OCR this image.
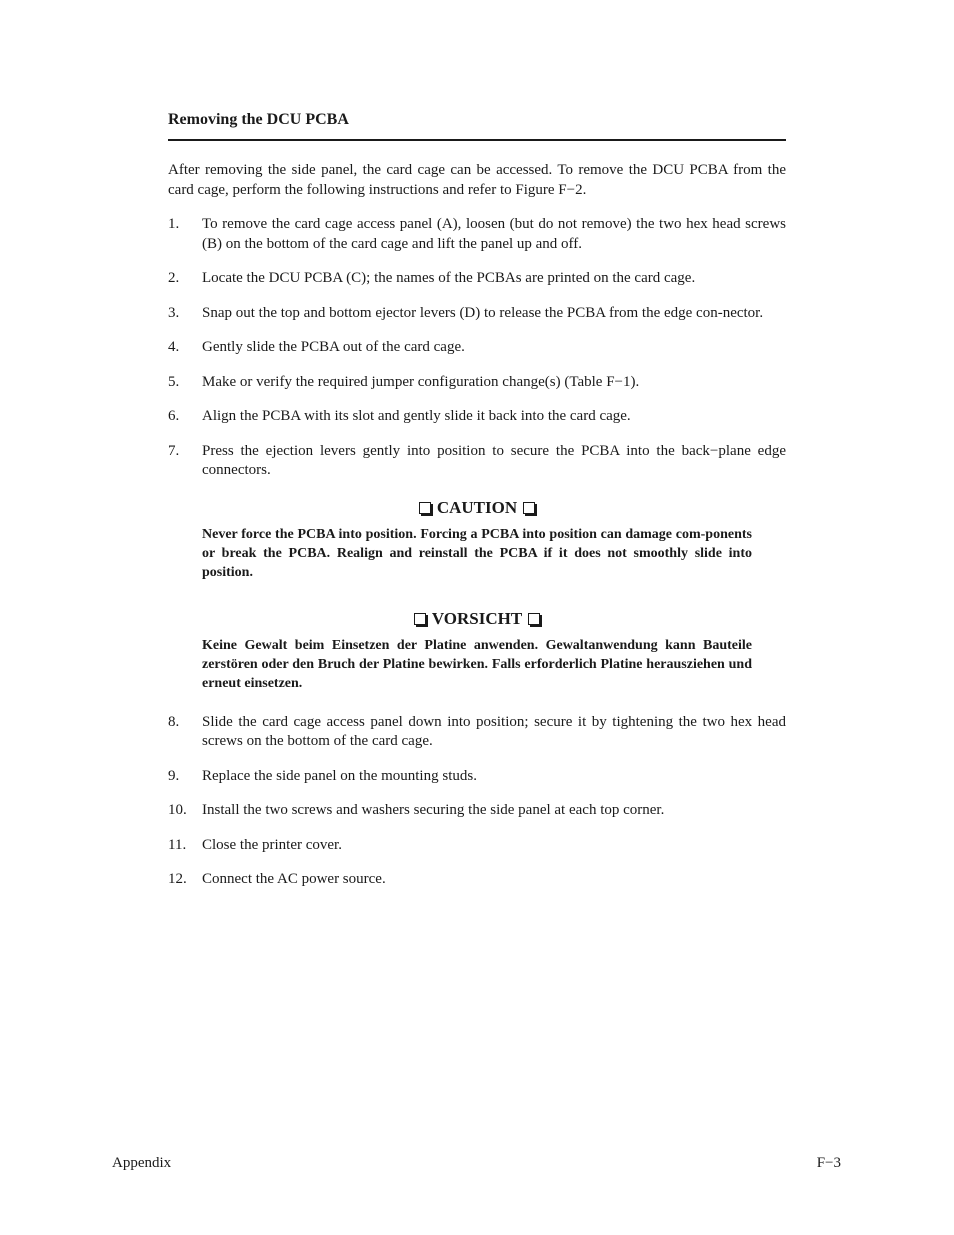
Removing the DCU PCBA

After removing the side panel, the card cage can be accessed. To remove the DCU PCBA from the card cage, perform the following instructions and refer to Figure F−2.

1. To remove the card cage access panel (A), loosen (but do not remove) the two hex head screws (B) on the bottom of the card cage and lift the panel up and off.
2. Locate the DCU PCBA (C); the names of the PCBAs are printed on the card cage.
3. Snap out the top and bottom ejector levers (D) to release the PCBA from the edge con-nector.
4. Gently slide the PCBA out of the card cage.
5. Make or verify the required jumper configuration change(s) (Table F−1).
6. Align the PCBA with its slot and gently slide it back into the card cage.
7. Press the ejection levers gently into position to secure the PCBA into the back−plane edge connectors.

CAUTION

Never force the PCBA into position. Forcing a PCBA into position can damage com-ponents or break the PCBA. Realign and reinstall the PCBA if it does not smoothly slide into position.

VORSICHT

Keine Gewalt beim Einsetzen der Platine anwenden. Gewaltanwendung kann Bauteile zerstören oder den Bruch der Platine bewirken. Falls erforderlich Platine herausziehen und erneut einsetzen.

8. Slide the card cage access panel down into position; secure it by tightening the two hex head screws on the bottom of the card cage.
9. Replace the side panel on the mounting studs.
10. Install the two screws and washers securing the side panel at each top corner.
11. Close the printer cover.
12. Connect the AC power source.
Appendix	F−3
